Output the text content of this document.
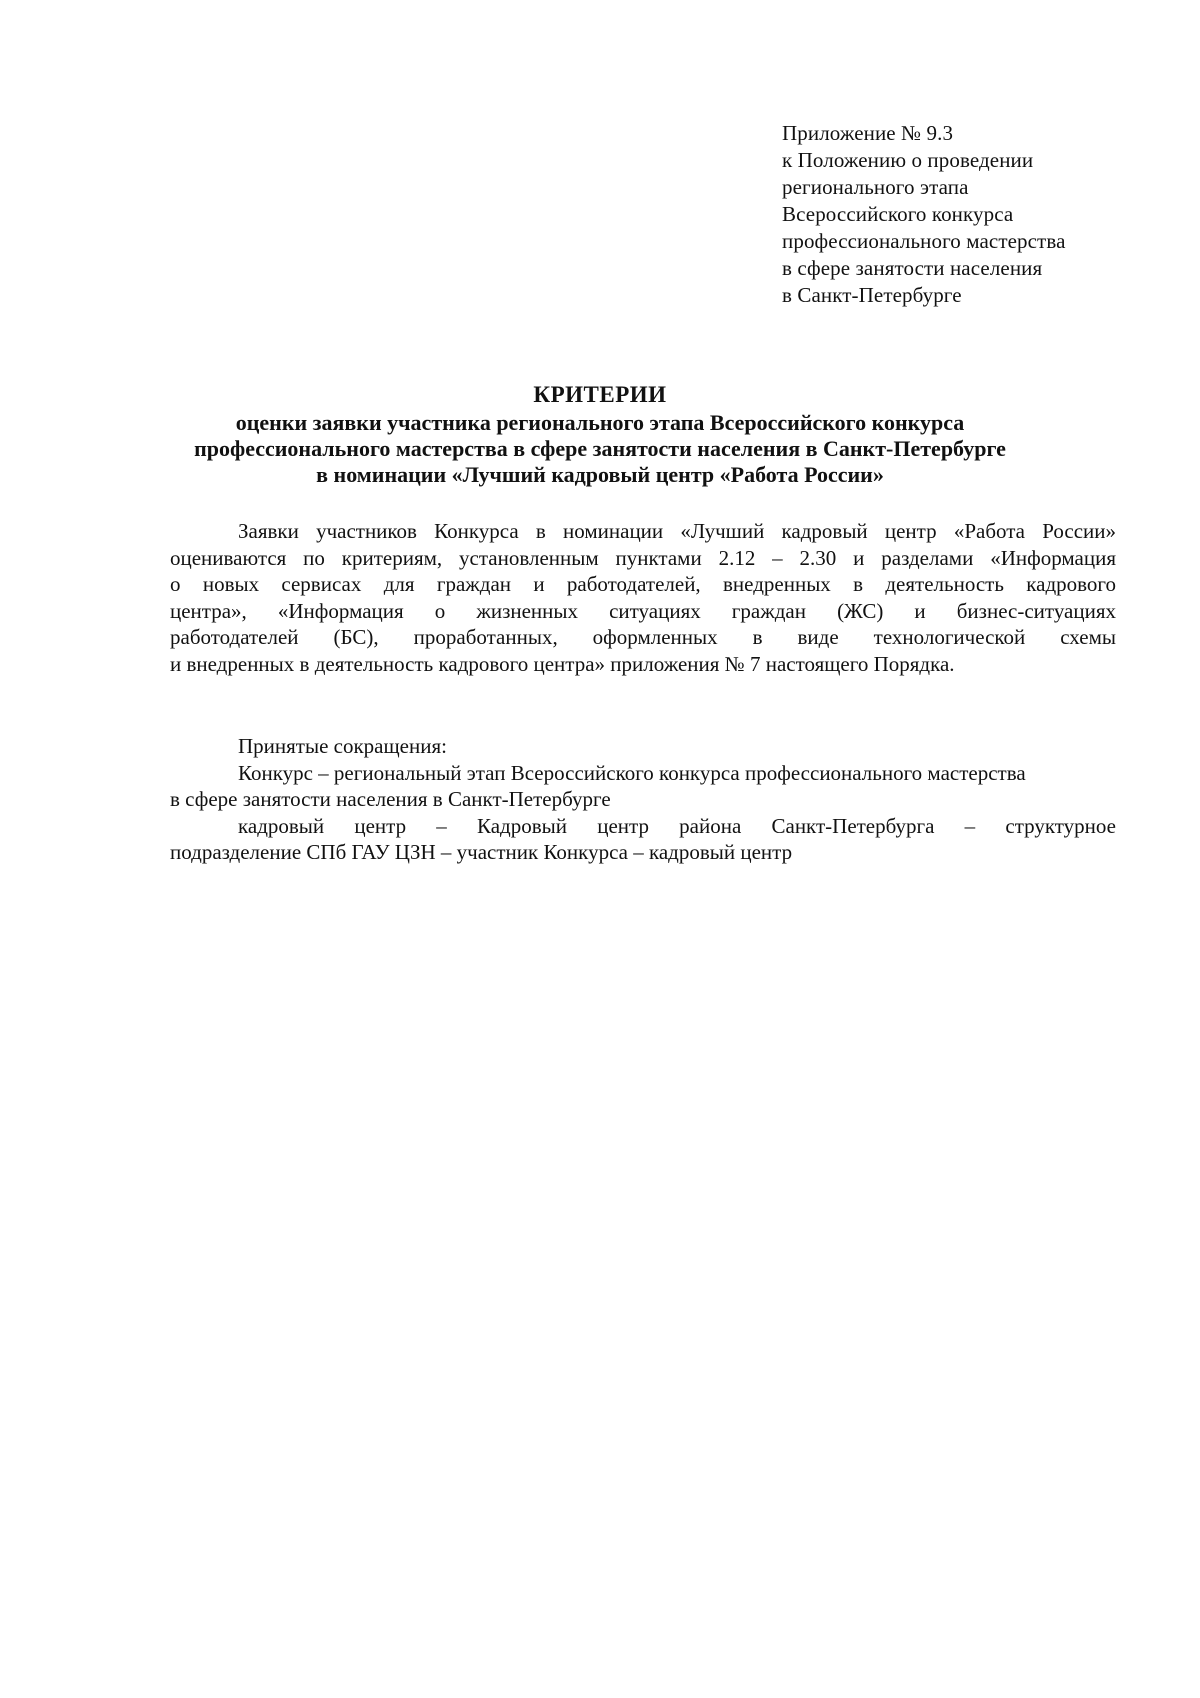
Приложение № 9.3
к Положению о проведении
регионального этапа
Всероссийского конкурса
профессионального мастерства
в сфере занятости населения
в Санкт-Петербурге
КРИТЕРИИ
оценки заявки участника регионального этапа Всероссийского конкурса
профессионального мастерства в сфере занятости населения в Санкт-Петербурге
в номинации «Лучший кадровый центр «Работа России»
Заявки участников Конкурса в номинации «Лучший кадровый центр «Работа России»
оцениваются по критериям, установленным пунктами 2.12 – 2.30 и разделами «Информация
о новых сервисах для граждан и работодателей, внедренных в деятельность кадрового
центра», «Информация о жизненных ситуациях граждан (ЖС) и бизнес-ситуациях
работодателей (БС), проработанных, оформленных в виде технологической схемы
и внедренных в деятельность кадрового центра» приложения № 7 настоящего Порядка.
Принятые сокращения:
Конкурс – региональный этап Всероссийского конкурса профессионального мастерства
в сфере занятости населения в Санкт-Петербурге
кадровый центр – Кадровый центр района Санкт-Петербурга – структурное
подразделение СПб ГАУ ЦЗН – участник Конкурса – кадровый центр
